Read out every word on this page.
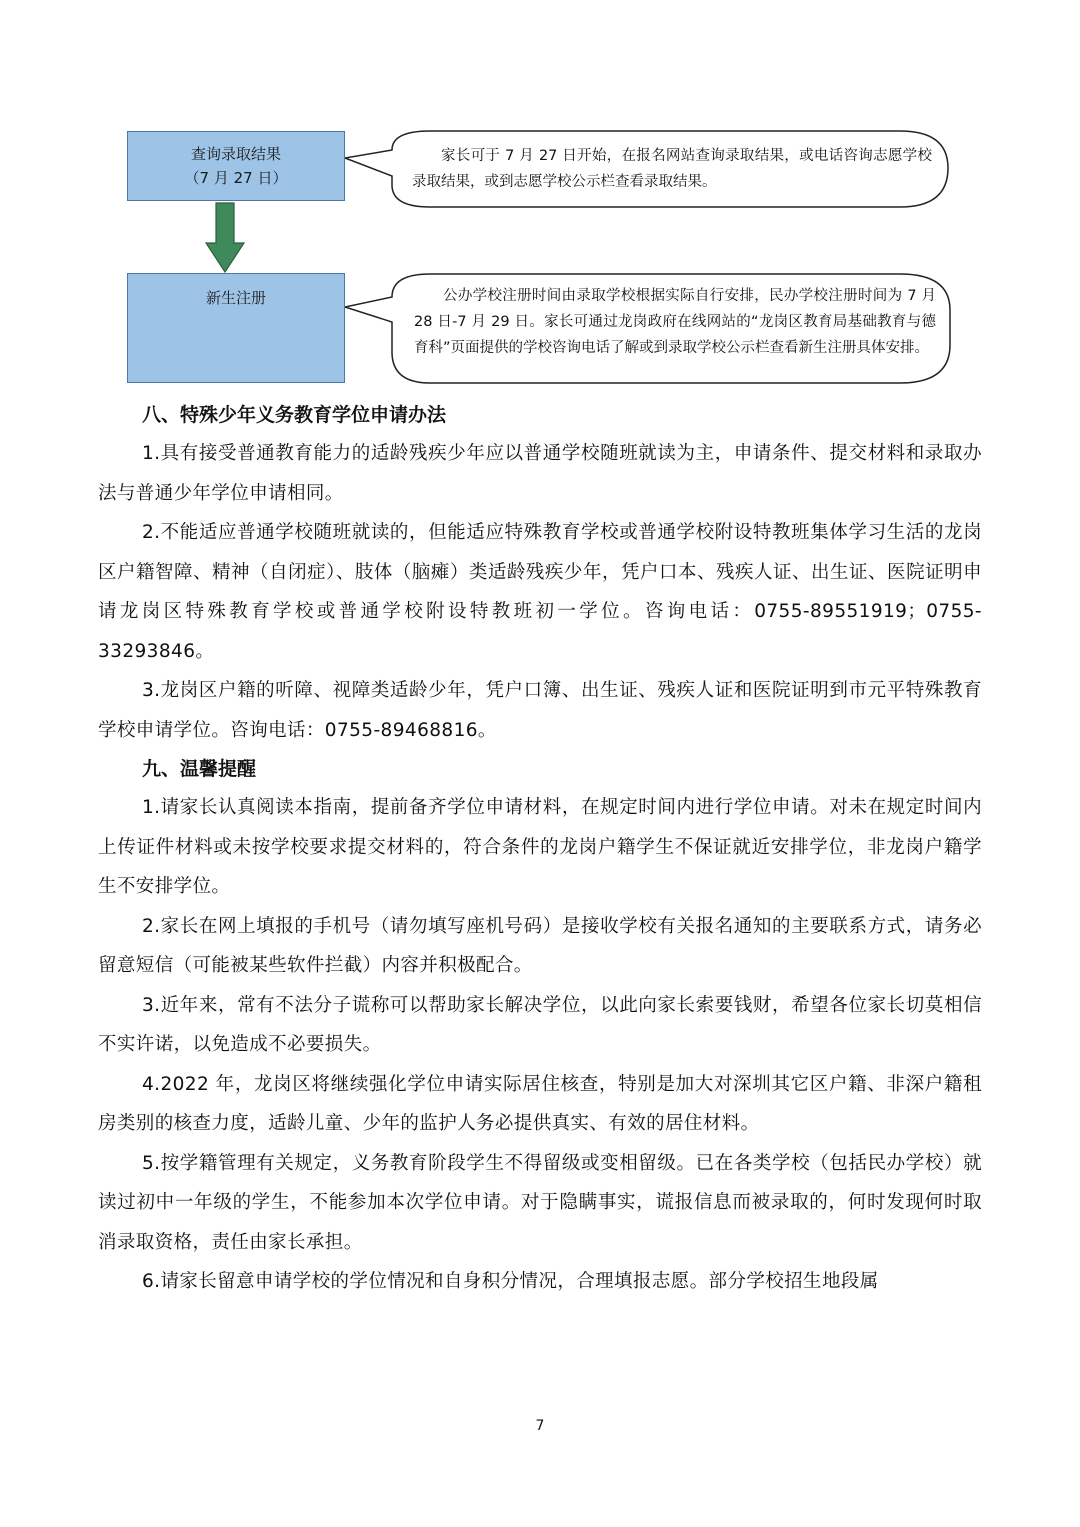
查询录取结果
（7 月 27 日）
家长可于 7 月 27 日开始，在报名网站查询录取结果，或电话咨询志愿学校录取结果，或到志愿学校公示栏查看录取结果。
新生注册	公办学校注册时间由录取学校根据实际自行安排，民办学校注册时间为 7 月 28 日-7 月 29 日。家长可通过龙岗政府在线网站的“龙岗区教育局基础教育与德育科”页面提供的学校咨询电话了解或到录取学校公示栏查看新生注册具体安排。

八、特殊少年义务教育学位申请办法

1.具有接受普通教育能力的适龄残疾少年应以普通学校随班就读为主，申请条件、提交材料和录取办法与普通少年学位申请相同。

2.不能适应普通学校随班就读的，但能适应特殊教育学校或普通学校附设特教班集体学习生活的龙岗区户籍智障、精神（自闭症）、肢体（脑瘫）类适龄残疾少年，凭户口本、残疾人证、出生证、医院证明申请龙岗区特殊教育学校或普通学校附设特教班初一学位。咨询电话：0755-89551919；0755-33293846。

3.龙岗区户籍的听障、视障类适龄少年，凭户口簿、出生证、残疾人证和医院证明到市元平特殊教育学校申请学位。咨询电话：0755-89468816。

九、温馨提醒

1.请家长认真阅读本指南，提前备齐学位申请材料，在规定时间内进行学位申请。对未在规定时间内上传证件材料或未按学校要求提交材料的，符合条件的龙岗户籍学生不保证就近安排学位，非龙岗户籍学生不安排学位。

2.家长在网上填报的手机号（请勿填写座机号码）是接收学校有关报名通知的主要联系方式，请务必留意短信（可能被某些软件拦截）内容并积极配合。

3.近年来，常有不法分子谎称可以帮助家长解决学位，以此向家长索要钱财，希望各位家长切莫相信不实许诺，以免造成不必要损失。

4.2022 年，龙岗区将继续强化学位申请实际居住核查，特别是加大对深圳其它区户籍、非深户籍租房类别的核查力度，适龄儿童、少年的监护人务必提供真实、有效的居住材料。

5.按学籍管理有关规定，义务教育阶段学生不得留级或变相留级。已在各类学校（包括民办学校）就读过初中一年级的学生，不能参加本次学位申请。对于隐瞒事实，谎报信息而被录取的，何时发现何时取消录取资格，责任由家长承担。

6.请家长留意申请学校的学位情况和自身积分情况，合理填报志愿。部分学校招生地段属

7
